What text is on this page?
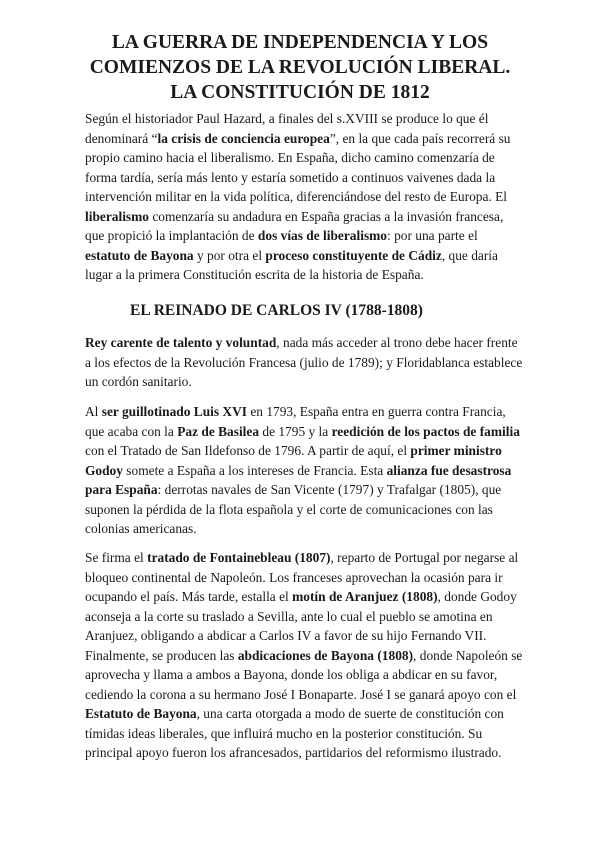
LA GUERRA DE INDEPENDENCIA Y LOS
COMIENZOS DE LA REVOLUCIÓN LIBERAL.
LA CONSTITUCIÓN DE 1812

Según el historiador Paul Hazard, a finales del s.XVIII se produce lo que él
denominará “la crisis de conciencia europea”, en la que cada país recorrerá su
propio camino hacia el liberalismo. En España, dicho camino comenzaría de
forma tardía, sería más lento y estaría sometido a continuos vaivenes dada la
intervención militar en la vida política, diferenciándose del resto de Europa. El
liberalismo comenzaría su andadura en España gracias a la invasión francesa,
que propició la implantación de dos vías de liberalismo: por una parte el
estatuto de Bayona y por otra el proceso constituyente de Cádiz, que daría
lugar a la primera Constitución escrita de la historia de España.

EL REINADO DE CARLOS IV (1788-1808)

Rey carente de talento y voluntad, nada más acceder al trono debe hacer frente
a los efectos de la Revolución Francesa (julio de 1789); y Floridablanca establece
un cordón sanitario.

Al ser guillotinado Luis XVI en 1793, España entra en guerra contra Francia,
que acaba con la Paz de Basilea de 1795 y la reedición de los pactos de familia
con el Tratado de San Ildefonso de 1796. A partir de aquí, el primer ministro
Godoy somete a España a los intereses de Francia. Esta alianza fue desastrosa
para España: derrotas navales de San Vicente (1797) y Trafalgar (1805), que
suponen la pérdida de la flota española y el corte de comunicaciones con las
colonias americanas.

Se firma el tratado de Fontainebleau (1807), reparto de Portugal por negarse al
bloqueo continental de Napoleón. Los franceses aprovechan la ocasión para ir
ocupando el país. Más tarde, estalla el motín de Aranjuez (1808), donde Godoy
aconseja a la corte su traslado a Sevilla, ante lo cual el pueblo se amotina en
Aranjuez, obligando a abdicar a Carlos IV a favor de su hijo Fernando VII.
Finalmente, se producen las abdicaciones de Bayona (1808), donde Napoleón se
aprovecha y llama a ambos a Bayona, donde los obliga a abdicar en su favor,
cediendo la corona a su hermano José I Bonaparte. José I se ganará apoyo con el
Estatuto de Bayona, una carta otorgada a modo de suerte de constitución con
tímidas ideas liberales, que influirá mucho en la posterior constitución. Su
principal apoyo fueron los afrancesados, partidarios del reformismo ilustrado.
